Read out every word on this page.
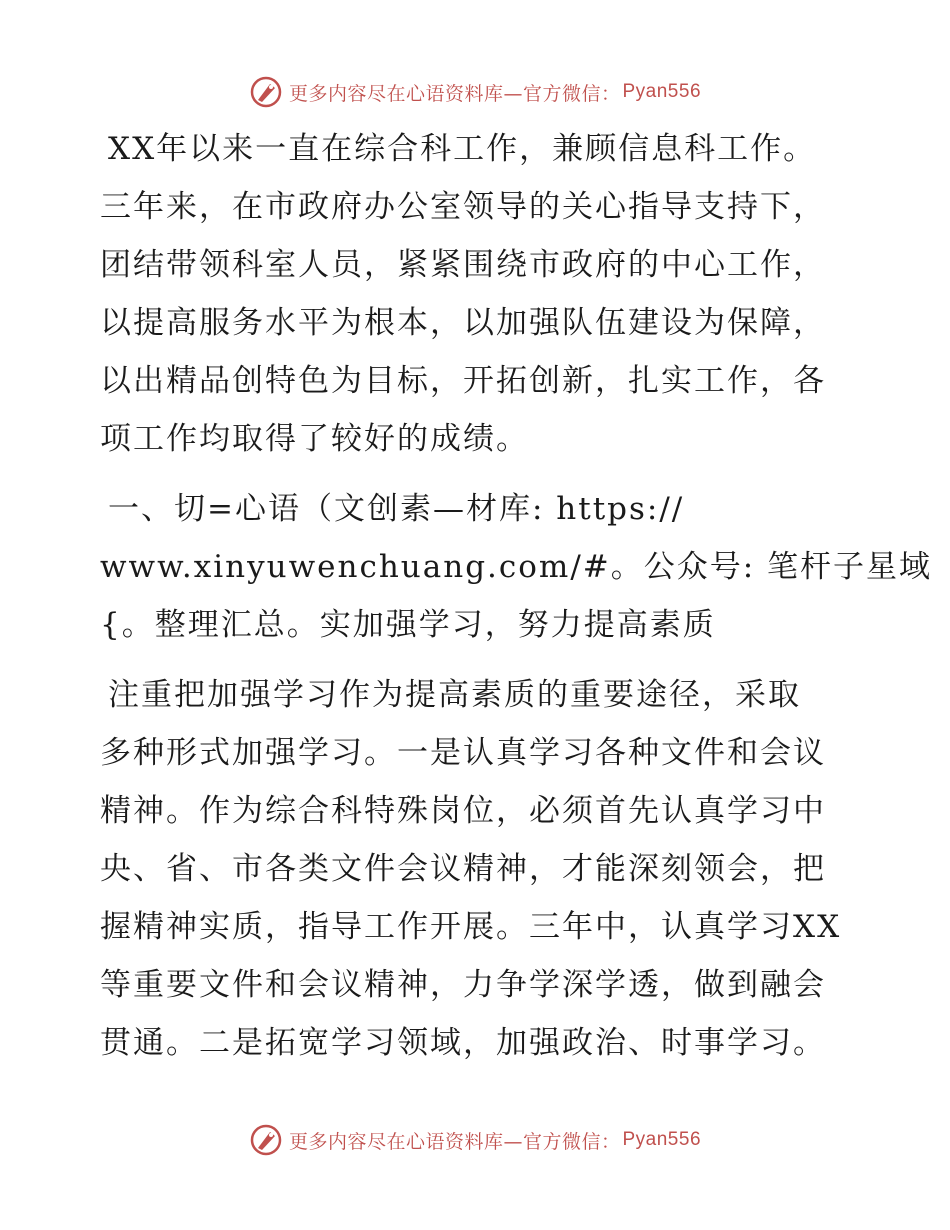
更多内容尽在心语资料库—官方微信： Pyan556
XX年以来一直在综合科工作，兼顾信息科工作。
三年来，在市政府办公室领导的关心指导支持下，
团结带领科室人员，紧紧围绕市政府的中心工作，
以提高服务水平为根本，以加强队伍建设为保障，
以出精品创特色为目标，开拓创新，扎实工作，各
项工作均取得了较好的成绩。
一、切=心语（文创素—材库: https://
www.xinyuwenchuang.com/#。公众号: 笔杆子星域
{。整理汇总。实加强学习，努力提高素质
注重把加强学习作为提高素质的重要途径，采取
多种形式加强学习。一是认真学习各种文件和会议
精神。作为综合科特殊岗位，必须首先认真学习中
央、省、市各类文件会议精神，才能深刻领会，把
握精神实质，指导工作开展。三年中，认真学习XX
等重要文件和会议精神，力争学深学透，做到融会
贯通。二是拓宽学习领域，加强政治、时事学习。
更多内容尽在心语资料库—官方微信： Pyan556
